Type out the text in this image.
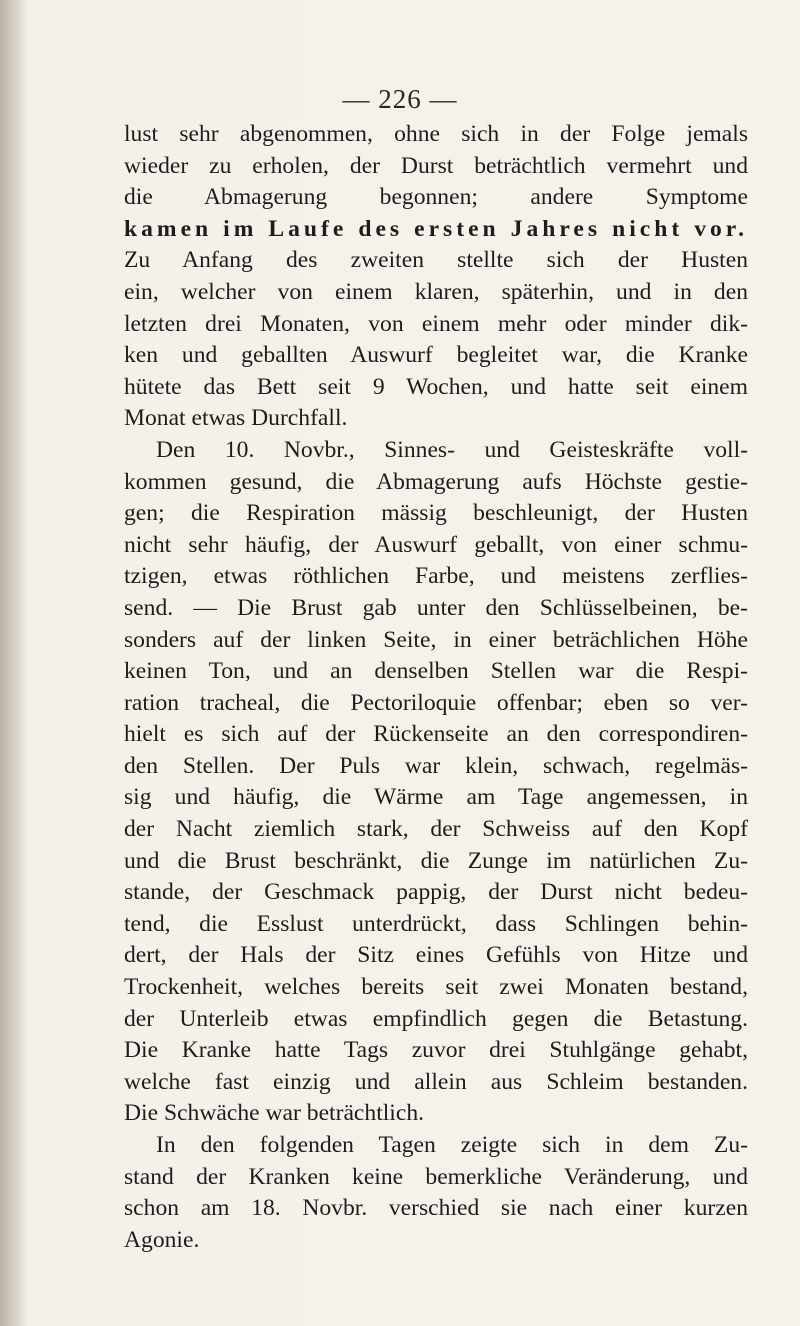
— 226 —

lust sehr abgenommen, ohne sich in der Folge jemals

wieder zu erholen, der Durst beträchtlich vermehrt und

die Abmagerung begonnen; andere Symptome

kamen im Laufe des ersten Jahres nicht vor.

Zu Anfang des zweiten stellte sich der Husten

ein, welcher von einem klaren, späterhin, und in den

letzten drei Monaten, von einem mehr oder minder dik-

ken und geballten Auswurf begleitet war, die Kranke

hütete das Bett seit 9 Wochen, und hatte seit einem

Monat etwas Durchfall.

Den 10. Novbr., Sinnes- und Geisteskräfte voll-

kommen gesund, die Abmagerung aufs Höchste gestie-

gen; die Respiration mässig beschleunigt, der Husten

nicht sehr häufig, der Auswurf geballt, von einer schmu-

tzigen, etwas röthlichen Farbe, und meistens zerflies-

send. — Die Brust gab unter den Schlüsselbeinen, be-

sonders auf der linken Seite, in einer beträchlichen Höhe

keinen Ton, und an denselben Stellen war die Respi-

ration tracheal, die Pectoriloquie offenbar; eben so ver-

hielt es sich auf der Rückenseite an den correspondiren-

den Stellen. Der Puls war klein, schwach, regelmäs-

sig und häufig, die Wärme am Tage angemessen, in

der Nacht ziemlich stark, der Schweiss auf den Kopf

und die Brust beschränkt, die Zunge im natürlichen Zu-

stande, der Geschmack pappig, der Durst nicht bedeu-

tend, die Esslust unterdrückt, dass Schlingen behin-

dert, der Hals der Sitz eines Gefühls von Hitze und

Trockenheit, welches bereits seit zwei Monaten bestand,

der Unterleib etwas empfindlich gegen die Betastung.

Die Kranke hatte Tags zuvor drei Stuhlgänge gehabt,

welche fast einzig und allein aus Schleim bestanden.

Die Schwäche war beträchtlich.

In den folgenden Tagen zeigte sich in dem Zu-

stand der Kranken keine bemerkliche Veränderung, und

schon am 18. Novbr. verschied sie nach einer kurzen

Agonie.
